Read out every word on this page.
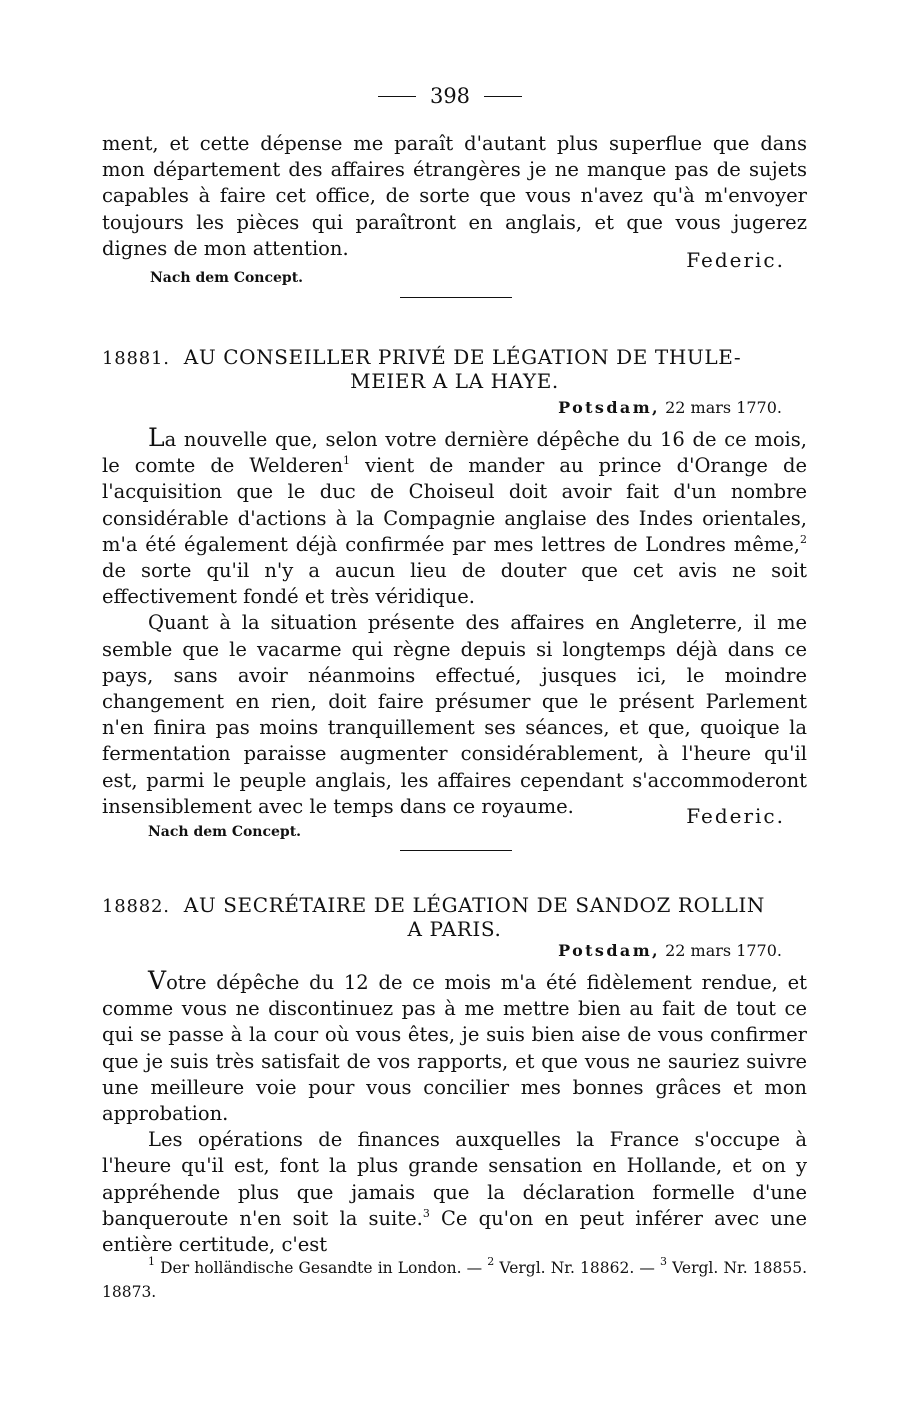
398

ment, et cette dépense me paraît d'autant plus superflue que dans mon département des affaires étrangères je ne manque pas de sujets capables à faire cet office, de sorte que vous n'avez qu'à m'envoyer toujours les pièces qui paraîtront en anglais, et que vous jugerez dignes de mon attention.	Federic.
Nach dem Concept.
18881. AU CONSEILLER PRIVÉ DE LÉGATION DE THULE-
MEIER A LA HAYE.
Potsdam, 22 mars 1770.

La nouvelle que, selon votre dernière dépêche du 16 de ce mois, le comte de Welderen$^1$ vient de mander au prince d'Orange de l'acquisition que le duc de Choiseul doit avoir fait d'un nombre considérable d'actions à la Compagnie anglaise des Indes orientales, m'a été également déjà confirmée par mes lettres de Londres même,$^2$ de sorte qu'il n'y a aucun lieu de douter que cet avis ne soit effectivement fondé et très véridique.

Quant à la situation présente des affaires en Angleterre, il me semble que le vacarme qui règne depuis si longtemps déjà dans ce pays, sans avoir néanmoins effectué, jusques ici, le moindre changement en rien, doit faire présumer que le présent Parlement n'en finira pas moins tranquillement ses séances, et que, quoique la fermentation paraisse augmenter considérablement, à l'heure qu'il est, parmi le peuple anglais, les affaires cependant s'accommoderont insensiblement avec le temps dans ce royaume.	Federic.
Nach dem Concept.
18882. AU SECRÉTAIRE DE LÉGATION DE SANDOZ ROLLIN
A PARIS.
Potsdam, 22 mars 1770.

Votre dépêche du 12 de ce mois m'a été fidèlement rendue, et comme vous ne discontinuez pas à me mettre bien au fait de tout ce qui se passe à la cour où vous êtes, je suis bien aise de vous confirmer que je suis très satisfait de vos rapports, et que vous ne sauriez suivre une meilleure voie pour vous concilier mes bonnes grâces et mon approbation.

Les opérations de finances auxquelles la France s'occupe à l'heure qu'il est, font la plus grande sensation en Hollande, et on y appréhende plus que jamais que la déclaration formelle d'une banqueroute n'en soit la suite.$^3$ Ce qu'on en peut inférer avec une entière certitude, c'est

$^1$ Der holländische Gesandte in London. — $^2$ Vergl. Nr. 18862. — $^3$ Vergl. Nr. 18855. 18873.
